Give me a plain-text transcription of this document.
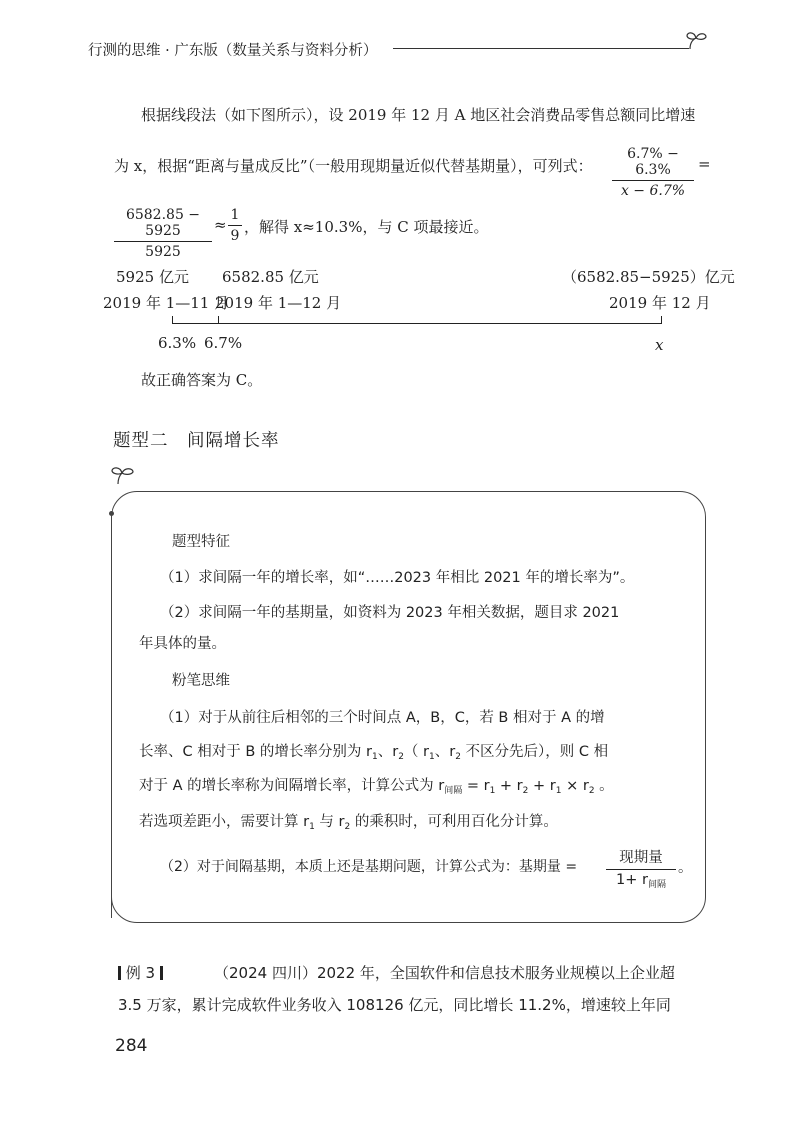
行测的思维 · 广东版（数量关系与资料分析）
根据线段法（如下图所示），设 2019 年 12 月 A 地区社会消费品零售总额同比增速
为 x，根据“距离与量成反比”（一般用现期量近似代替基期量），可列式： $\frac{6.7\% - 6.3\%}{x - 6.7\%}$ =
$\frac{6582.85 - 5925}{5925} \approx \frac{1}{9}$ ，解得 x≈10.3%，与 C 项最接近。
5925 亿元 6582.85 亿元	（6582.85−5925）亿元
2019 年 1—11 月
2019 年 1—12 月	2019 年 12 月
6.3% 6.7%	x
故正确答案为 C。
题型二　间隔增长率
题型特征
（1）求间隔一年的增长率，如“……2023 年相比 2021 年的增长率为”。
（2）求间隔一年的基期量，如资料为 2023 年相关数据，题目求 2021
年具体的量。
粉笔思维
（1）对于从前往后相邻的三个时间点 A，B，C，若 B 相对于 A 的增
长率、C 相对于 B 的增长率分别为 $r_1$、$r_2$（ $r_1$、$r_2$ 不区分先后），则 C 相
对于 A 的增长率称为间隔增长率，计算公式为 $r_{间隔} = r_1 + r_2 + r_1 \times r_2$ 。
若选项差距小，需要计算 $r_1$ 与 $r_2$ 的乘积时，可利用百化分计算。
（2）对于间隔基期，本质上还是基期问题，计算公式为：基期量 =
现期量
$1+ r_{间隔}$
。
例 3	（2024 四川）2022 年，全国软件和信息技术服务业规模以上企业超
3.5 万家，累计完成软件业务收入 108126 亿元，同比增长 11.2%，增速较上年同
284
